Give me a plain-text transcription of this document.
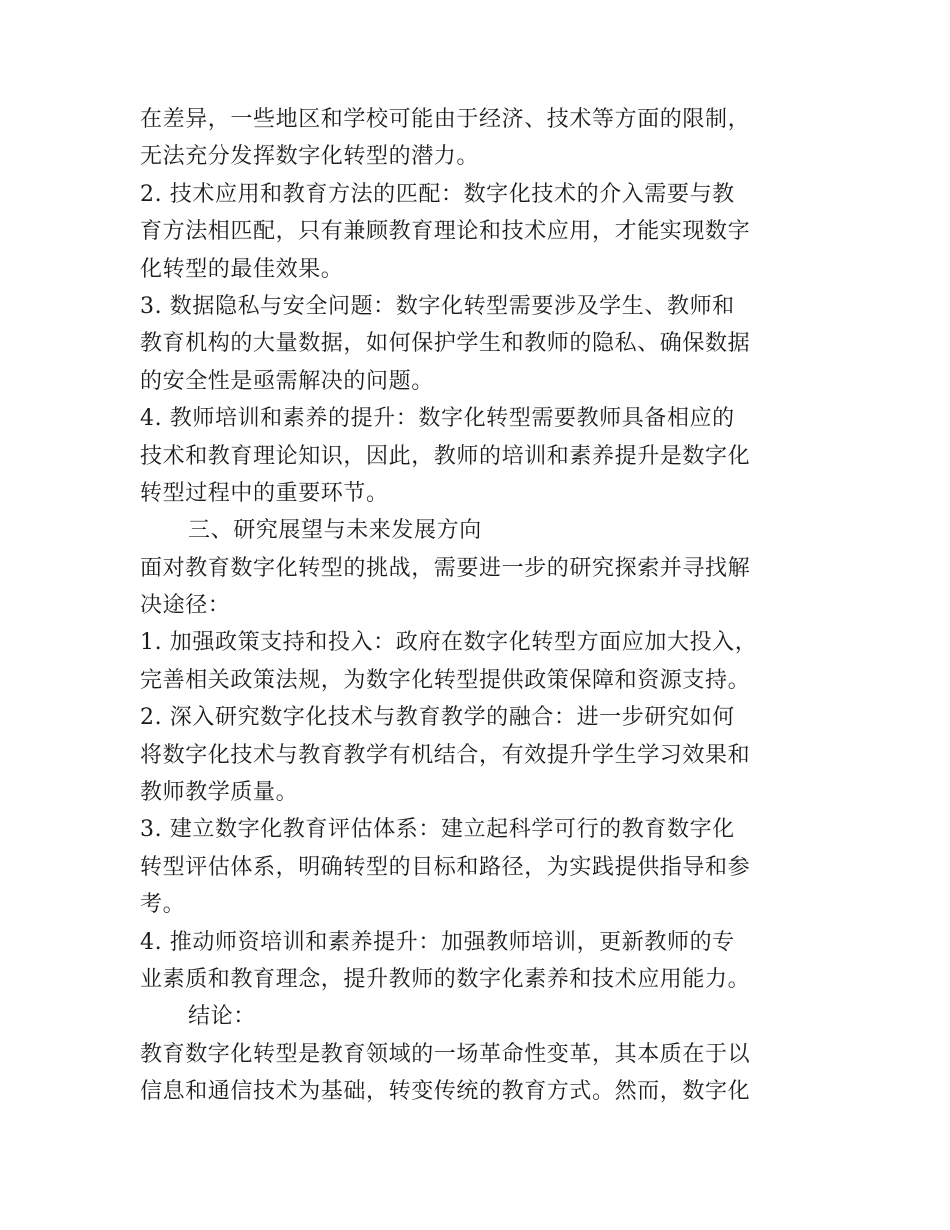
在差异，一些地区和学校可能由于经济、技术等方面的限制，
无法充分发挥数字化转型的潜力。
2. 技术应用和教育方法的匹配：数字化技术的介入需要与教
育方法相匹配，只有兼顾教育理论和技术应用，才能实现数字
化转型的最佳效果。
3. 数据隐私与安全问题：数字化转型需要涉及学生、教师和
教育机构的大量数据，如何保护学生和教师的隐私、确保数据
的安全性是亟需解决的问题。
4. 教师培训和素养的提升：数字化转型需要教师具备相应的
技术和教育理论知识，因此，教师的培训和素养提升是数字化
转型过程中的重要环节。
三、研究展望与未来发展方向
面对教育数字化转型的挑战，需要进一步的研究探索并寻找解
决途径：
1. 加强政策支持和投入：政府在数字化转型方面应加大投入，
完善相关政策法规，为数字化转型提供政策保障和资源支持。
2. 深入研究数字化技术与教育教学的融合：进一步研究如何
将数字化技术与教育教学有机结合，有效提升学生学习效果和
教师教学质量。
3. 建立数字化教育评估体系：建立起科学可行的教育数字化
转型评估体系，明确转型的目标和路径，为实践提供指导和参
考。
4. 推动师资培训和素养提升：加强教师培训，更新教师的专
业素质和教育理念，提升教师的数字化素养和技术应用能力。
结论：
教育数字化转型是教育领域的一场革命性变革，其本质在于以
信息和通信技术为基础，转变传统的教育方式。然而，数字化
